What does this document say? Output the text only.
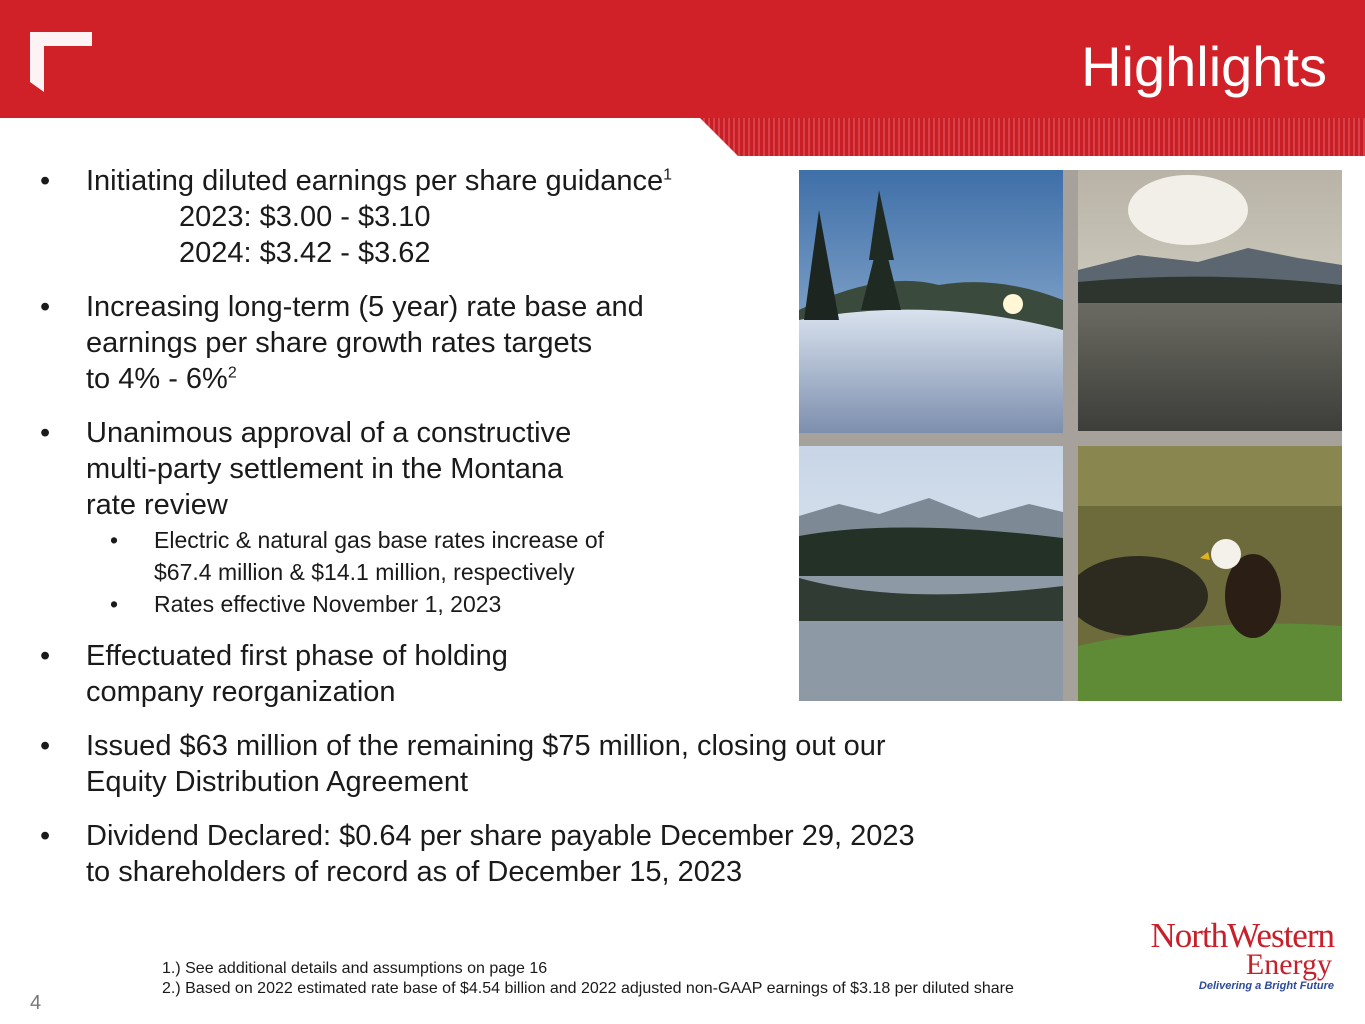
Highlights
• Initiating diluted earnings per share guidance$^1$
2023: $3.00 - $3.10
2024: $3.42 - $3.62
• Increasing long-term (5 year) rate base and
earnings per share growth rates targets
to 4% - 6%$^2$
• Unanimous approval of a constructive
multi-party settlement in the Montana
rate review
• Electric & natural gas base rates increase of
$67.4 million & $14.1 million, respectively
• Rates effective November 1, 2023
• Effectuated first phase of holding
company reorganization
• Issued $63 million of the remaining $75 million, closing out our
Equity Distribution Agreement
• Dividend Declared: $0.64 per share payable December 29, 2023
to shareholders of record as of December 15, 2023
1.) See additional details and assumptions on page 16
2.) Based on 2022 estimated rate base of $4.54 billion and 2022 adjusted non-GAAP earnings of $3.18 per diluted share
4
NorthWestern
Energy
Delivering a Bright Future
